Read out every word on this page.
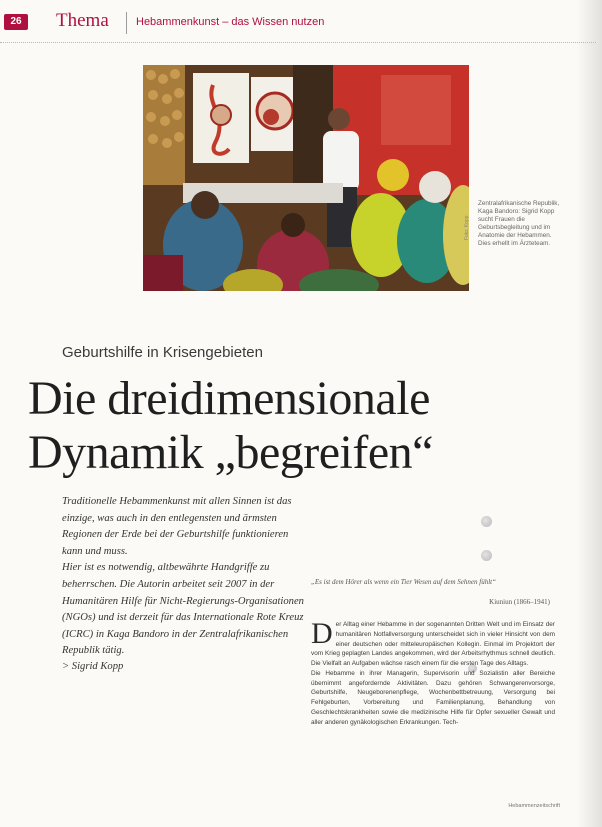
26	Thema Hebammenkunst – das Wissen nutzen
Foto: Kopp
Zentralafrikanische Republik, Kaga Bandoro: Sigrid Kopp sucht Frauen die Geburtsbegleitung und im Anatomie der Hebammen. Dies erhellt im Ärzteteam.
Geburtshilfe in Krisengebieten
Die dreidimensionale
Dynamik „begreifen“

Traditionelle Hebammenkunst mit allen Sinnen ist das einzige, was auch in den entlegensten und ärmsten Regionen der Erde bei der Geburtshilfe funktionieren kann und muss.

Hier ist es notwendig, altbewährte Handgriffe zu beherrschen. Die Autorin arbeitet seit 2007 in der Humanitären Hilfe für Nicht-Regierungs-Organisationen (NGOs) und ist derzeit für das Internationale Rote Kreuz (ICRC) in Kaga Bandoro in der Zentralafrikanischen Republik tätig.

> Sigrid Kopp
„Es ist dem Hörer als wenn ein Tier Wesen auf dem Sehnen fühlt“
Kiuniun (1866–1941)

Der Alltag einer Hebamme in der sogenannten Dritten Welt und im Einsatz der humanitären Notfallversorgung unterscheidet sich in vieler Hinsicht von dem einer deutschen oder mitteleuropäischen Kollegin. Einmal im Projektort der vom Krieg geplagten Landes angekommen, wird der Arbeitsrhythmus schnell deutlich. Die Vielfalt an Aufgaben wächse rasch einem für die ersten Tage des Alltags.

Die Hebamme in ihrer Managerin, Supervisorin und Sozialistin aller Bereiche übernimmt angefordernde Aktivitäten. Dazu gehören Schwangerenvorsorge, Geburtshilfe, Neugeborenenpflege, Wochenbettbetreuung, Versorgung bei Fehlgeburten, Vorbereitung und Familienplanung, Behandlung von Geschlechtskrankheiten sowie die medizinische Hilfe für Opfer sexueller Gewalt und aller anderen gynäkologischen Erkrankungen. Tech-

Hebammenzeitschrift
